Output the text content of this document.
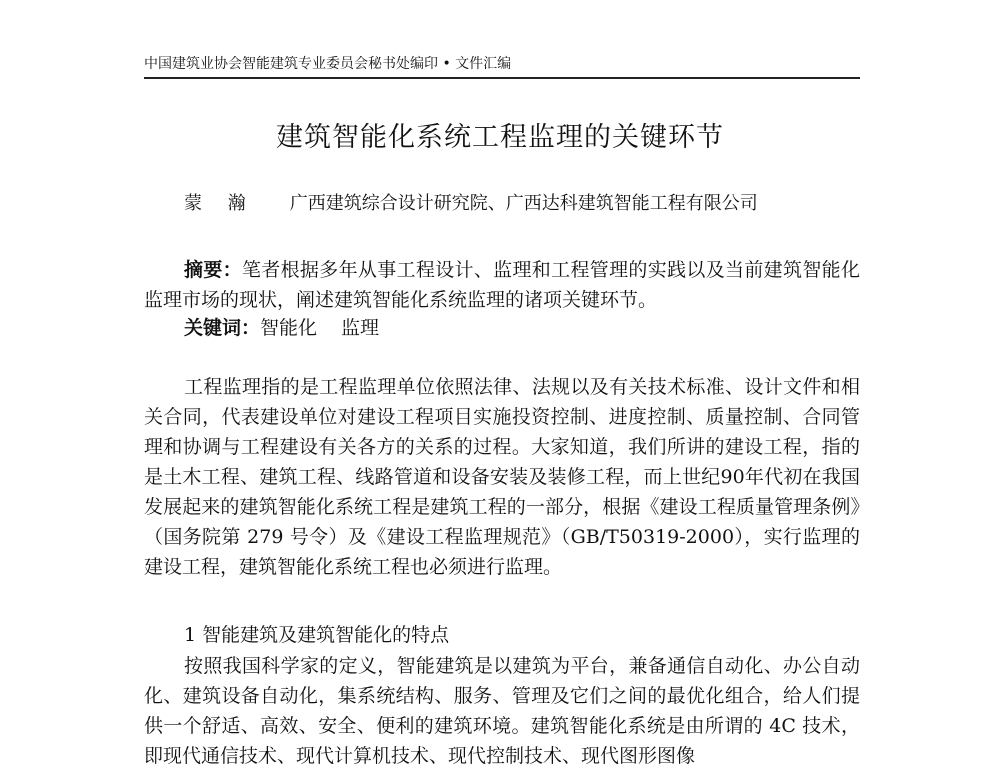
中国建筑业协会智能建筑专业委员会秘书处编印 • 文件汇编
建筑智能化系统工程监理的关键环节
蒙 瀚 广西建筑综合设计研究院、广西达科建筑智能工程有限公司

摘要：笔者根据多年从事工程设计、监理和工程管理的实践以及当前建筑智能化监理市场的现状，阐述建筑智能化系统监理的诸项关键环节。

关键词：智能化 监理

工程监理指的是工程监理单位依照法律、法规以及有关技术标准、设计文件和相关合同，代表建设单位对建设工程项目实施投资控制、进度控制、质量控制、合同管理和协调与工程建设有关各方的关系的过程。大家知道，我们所讲的建设工程，指的是土木工程、建筑工程、线路管道和设备安装及装修工程，而上世纪90年代初在我国发展起来的建筑智能化系统工程是建筑工程的一部分，根据《建设工程质量管理条例》（国务院第 279 号令）及《建设工程监理规范》（GB/T50319-2000），实行监理的建设工程，建筑智能化系统工程也必须进行监理。

1 智能建筑及建筑智能化的特点

按照我国科学家的定义，智能建筑是以建筑为平台，兼备通信自动化、办公自动化、建筑设备自动化，集系统结构、服务、管理及它们之间的最优化组合，给人们提供一个舒适、高效、安全、便利的建筑环境。建筑智能化系统是由所谓的 4C 技术，即现代通信技术、现代计算机技术、现代控制技术、现代图形图像
